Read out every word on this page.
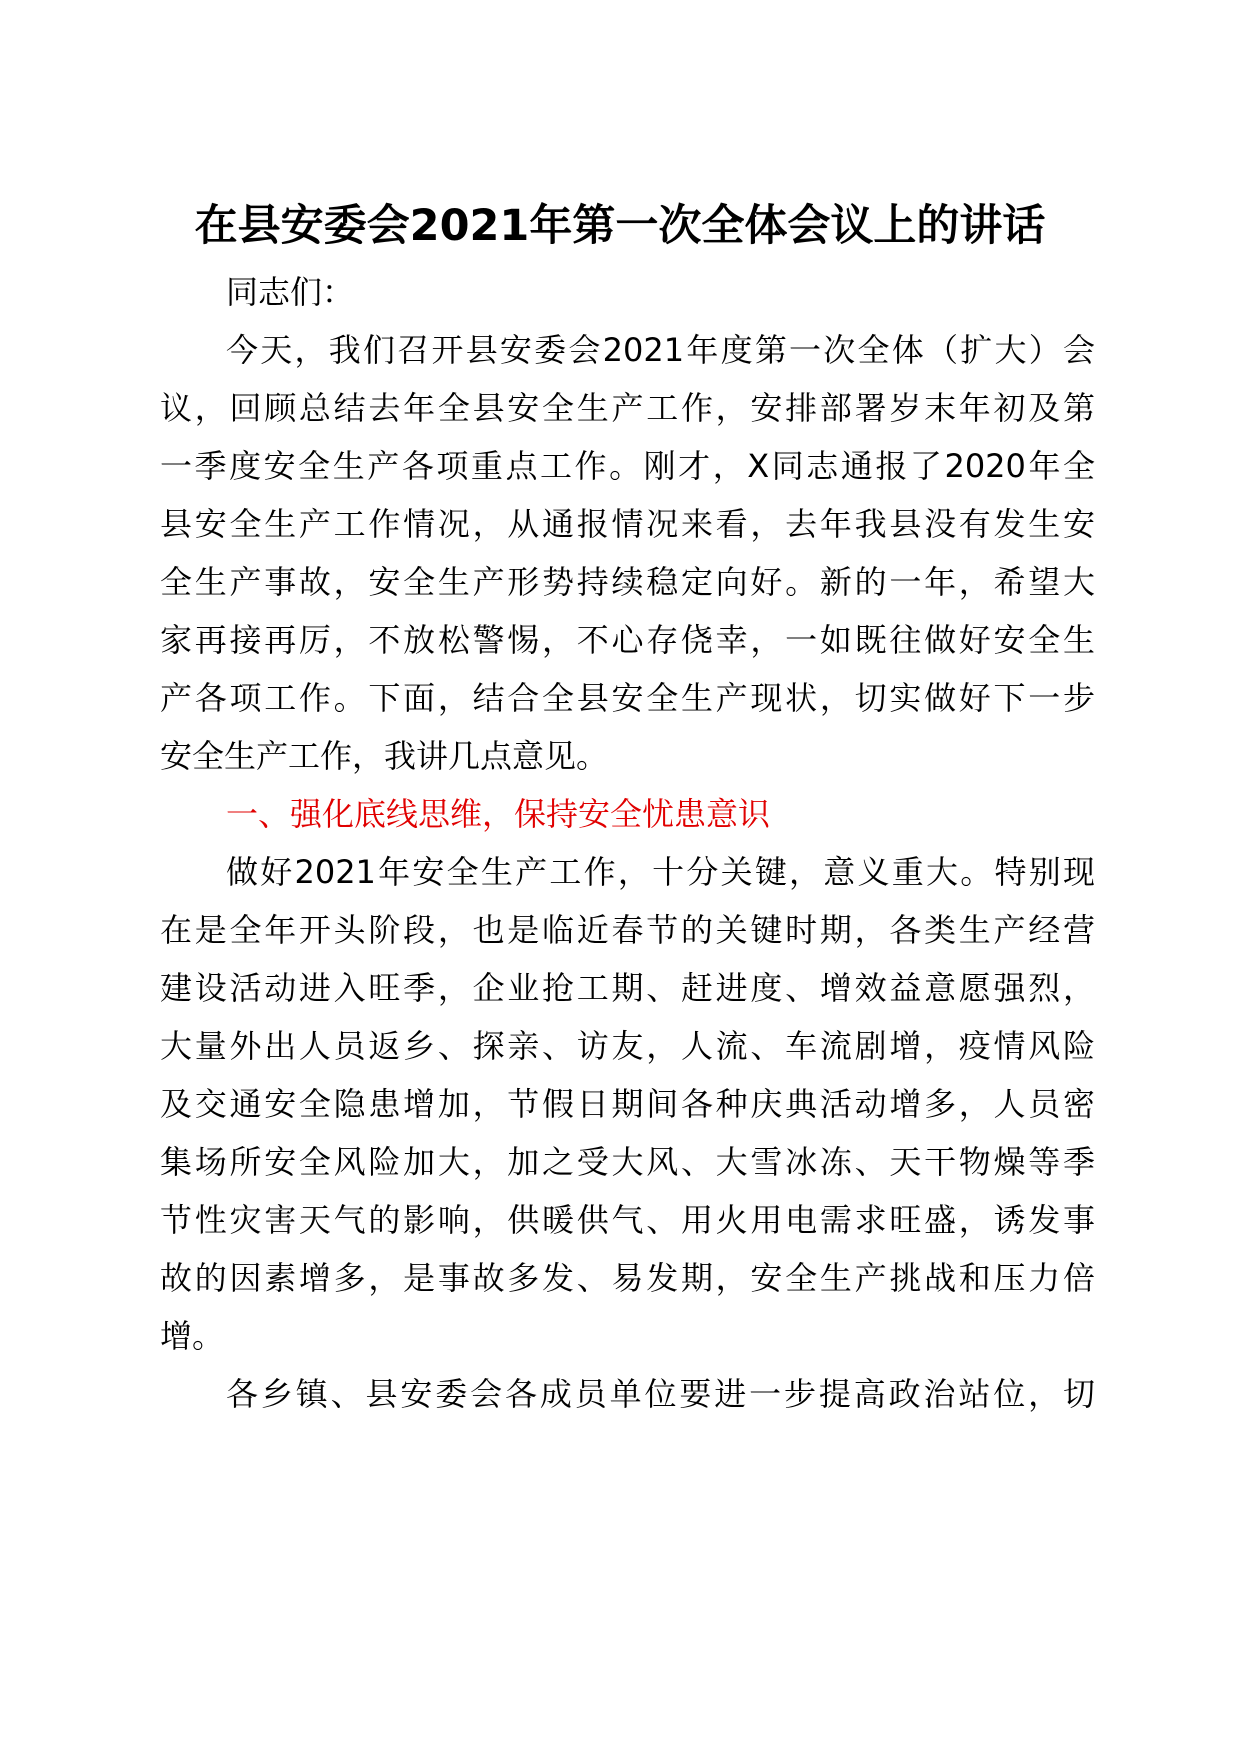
在县安委会2021年第一次全体会议上的讲话

同志们：

今天，我们召开县安委会2021年度第一次全体（扩大）会

议，回顾总结去年全县安全生产工作，安排部署岁末年初及第

一季度安全生产各项重点工作。刚才，X同志通报了2020年全

县安全生产工作情况，从通报情况来看，去年我县没有发生安

全生产事故，安全生产形势持续稳定向好。新的一年，希望大

家再接再厉，不放松警惕，不心存侥幸，一如既往做好安全生

产各项工作。下面，结合全县安全生产现状，切实做好下一步

安全生产工作，我讲几点意见。

一、强化底线思维，保持安全忧患意识

做好2021年安全生产工作，十分关键，意义重大。特别现

在是全年开头阶段，也是临近春节的关键时期，各类生产经营

建设活动进入旺季，企业抢工期、赶进度、增效益意愿强烈，

大量外出人员返乡、探亲、访友，人流、车流剧增，疫情风险

及交通安全隐患增加，节假日期间各种庆典活动增多，人员密

集场所安全风险加大，加之受大风、大雪冰冻、天干物燥等季

节性灾害天气的影响，供暖供气、用火用电需求旺盛，诱发事

故的因素增多，是事故多发、易发期，安全生产挑战和压力倍

增。

各乡镇、县安委会各成员单位要进一步提高政治站位，切
